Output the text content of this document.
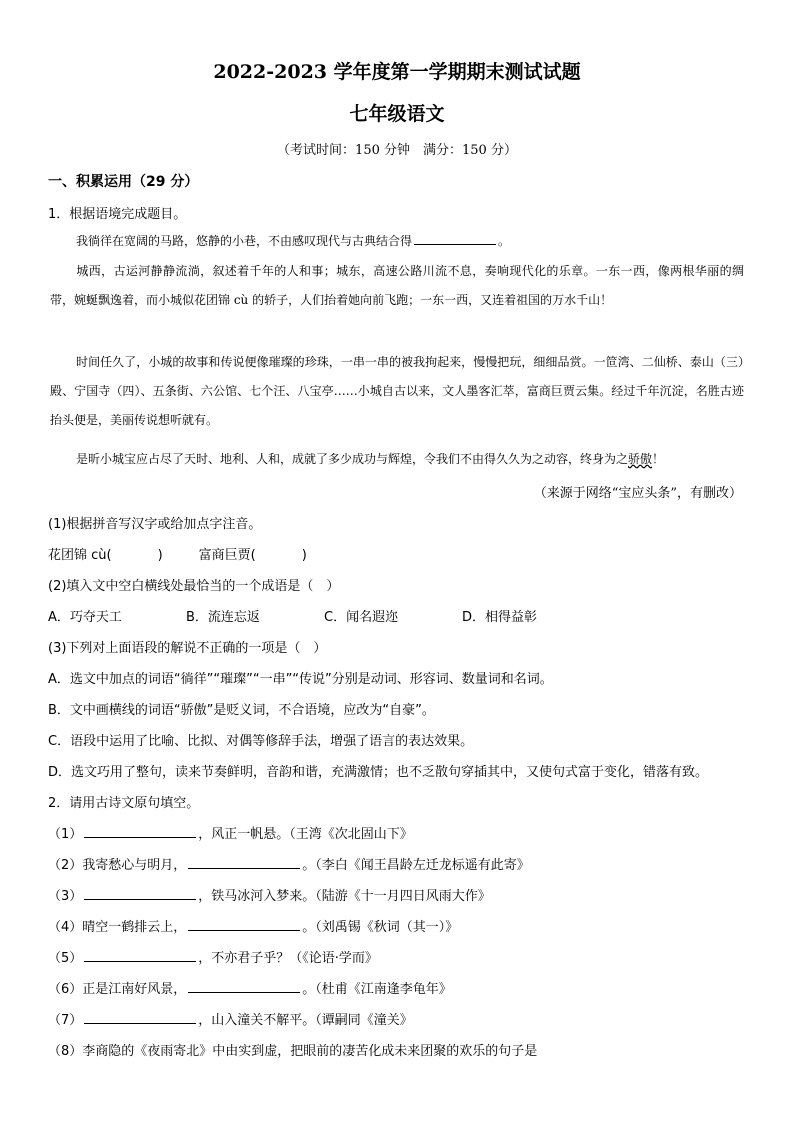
2022-2023 学年度第一学期期末测试试题
七年级语文
（考试时间：150 分钟　满分：150 分）
一、积累运用（29 分）
1．根据语境完成题目。
我徜徉在宽阔的马路，悠静的小巷，不由感叹现代与古典结合得	。
城西，古运河静静流淌，叙述着千年的人和事；城东，高速公路川流不息，奏响现代化的乐章。一东一西，像两根华丽的绸带，婉蜒飘逸着，而小城似花团锦 cù 的轿子，人们抬着她向前飞跑；一东一西，又连着祖国的万水千山！
时间任久了，小城的故事和传说便像璀璨的珍珠，一串一串的被我拘起来，慢慢把玩，细细品赏。一笸湾、二仙桥、泰山（三）殿、宁国寺（四）、五条街、六公馆、七个汪、八宝亭……小城自古以来，文人墨客汇萃，富商巨贾云集。经过千年沉淀，名胜古迹抬头便是，美丽传说想听就有。
是昕小城宝应占尽了天时、地利、人和，成就了多少成功与辉煌，令我们不由得久久为之动容，终身为之骄傲！
（来源于网络“宝应头条”，有删改）
(1)根据拼音写汉字或给加点字注音。
花团锦 cù(	)	富商巨贾(	)
(2)填入文中空白横线处最恰当的一个成语是（　）
A．巧夺天工	B．流连忘返	C．闻名遐迩	D．相得益彰
(3)下列对上面语段的解说不正确的一项是（　）
A．选文中加点的词语“徜徉”“璀璨”“一串”“传说”分别是动词、形容词、数量词和名词。
B．文中画横线的词语“骄傲”是贬义词，不合语境，应改为“自豪”。
C．语段中运用了比喻、比拟、对偶等修辞手法，增强了语言的表达效果。
D．选文巧用了整句，读来节奏鲜明，音韵和谐，充满激情；也不乏散句穿插其中，又使句式富于变化，错落有致。
2．请用古诗文原句填空。
（1）	，风正一帆悬。（王湾《次北固山下》
（2）我寄愁心与明月，	。（李白《闻王昌龄左迁龙标遥有此寄》
（3）	，铁马冰河入梦来。（陆游《十一月四日风雨大作》
（4）晴空一鹤排云上，	。（刘禹锡《秋词（其一）》
（5）	，不亦君子乎？（《论语·学而》
（6）正是江南好风景，	。（杜甫《江南逢李龟年》
（7）	，山入潼关不解平。（谭嗣同《潼关》
（8）李商隐的《夜雨寄北》中由实到虚，把眼前的凄苦化成未来团聚的欢乐的句子是
